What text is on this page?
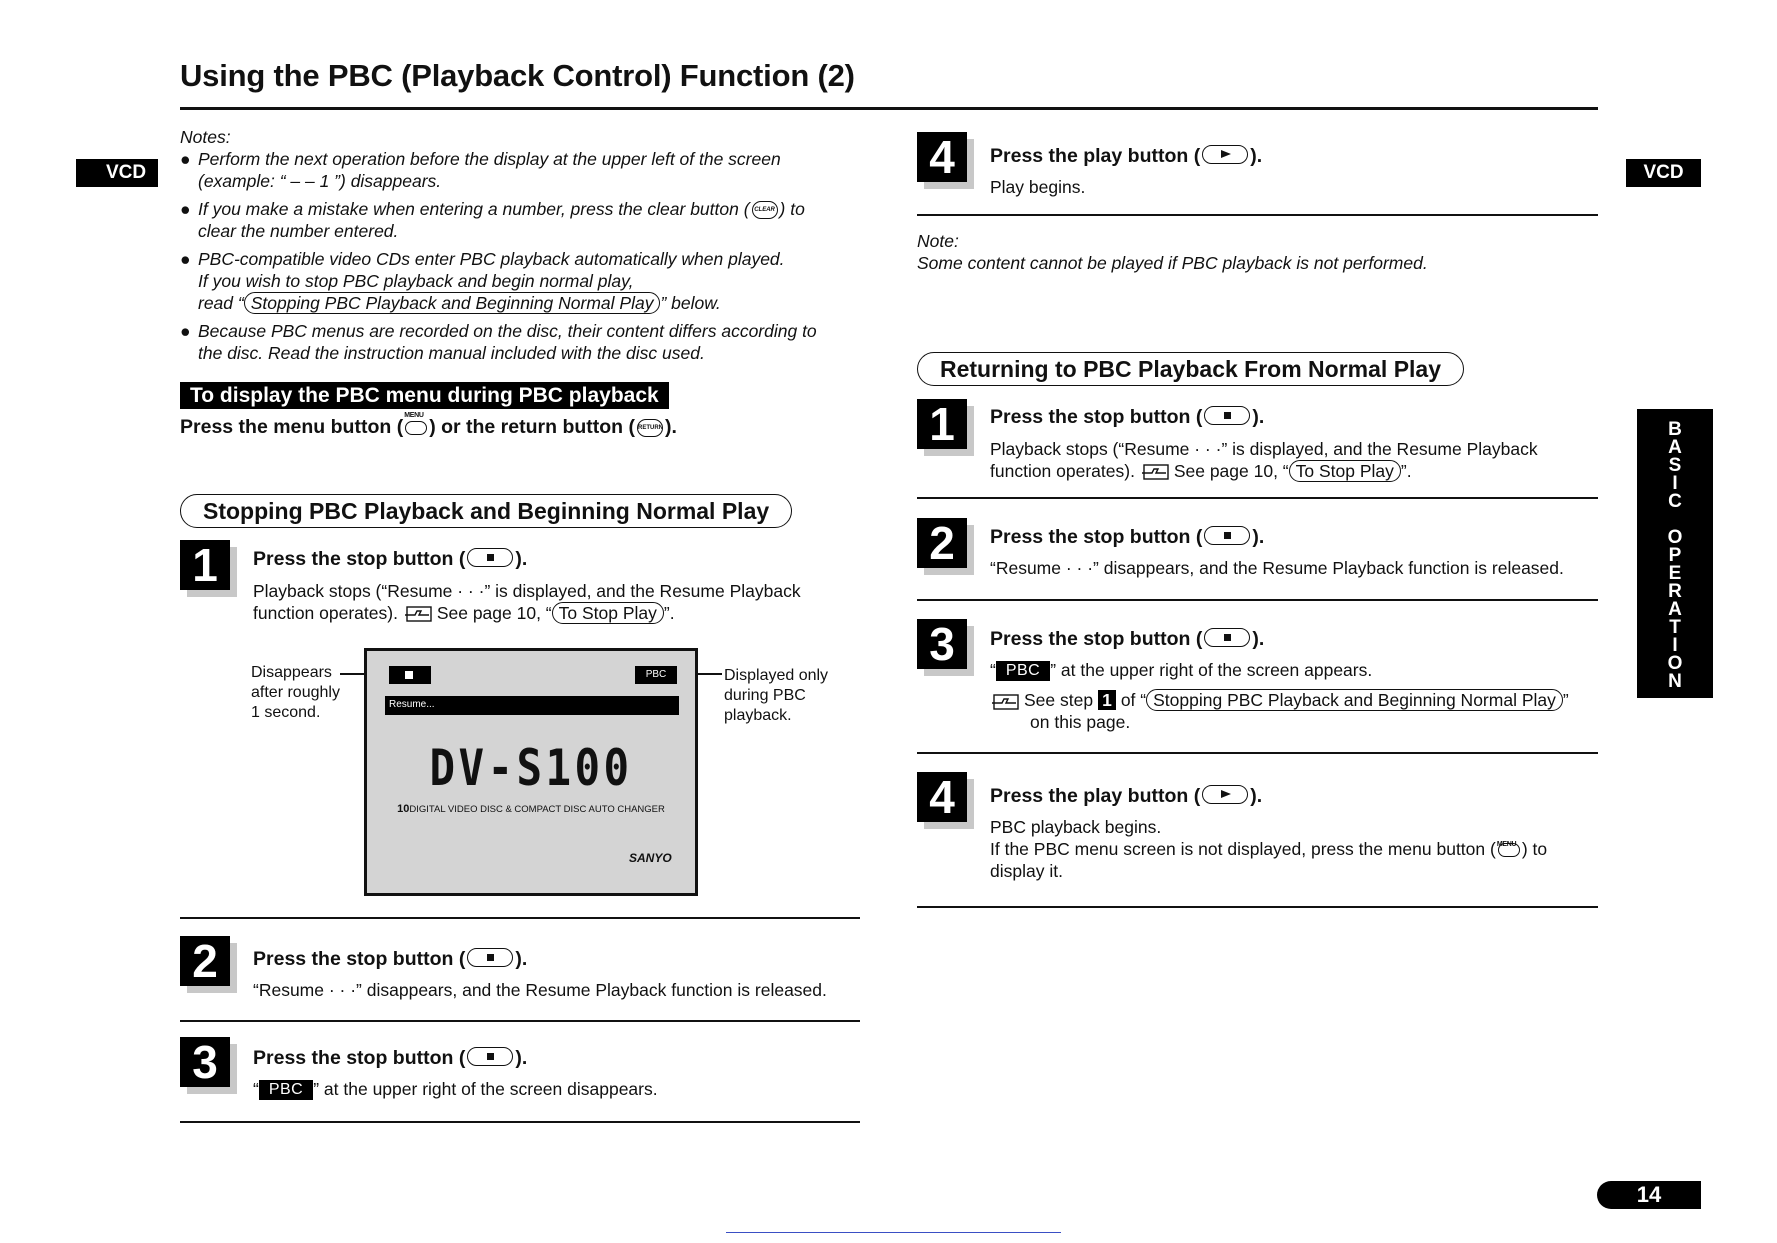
Using the PBC (Playback Control) Function (2)
) VCD	VCD
B
A
S
I
C
O
P
E
R
A
T
I
O
N
Notes:
● Perform the next operation before the display at the upper left of the screen
(example: “ – – 1 ”) disappears.
● If you make a mistake when entering a number, press the clear button ( CLEAR ) to
clear the number entered.
● PBC-compatible video CDs enter PBC playback automatically when played.
If you wish to stop PBC playback and begin normal play,
read “ Stopping PBC Playback and Beginning Normal Play ” below.
● Because PBC menus are recorded on the disc, their content differs according to
the disc. Read the instruction manual included with the disc used.
To display the PBC menu during PBC playback
Press the menu button (
MENU
) or the return button ( RETURN ).
Stopping PBC Playback and Beginning Normal Play
1	Press the stop button (	).
Playback stops (“Resume · · ·” is displayed, and the Resume Playback
function operates). See page 10, “ To Stop Play ”.
Disappears
after roughly
1 second.
Displayed only
during PBC
playback.
PBC
Resume...
DV-S100
10DIGITAL VIDEO DISC & COMPACT DISC AUTO CHANGER
SANYO
2	Press the stop button (	).
“Resume · · ·” disappears, and the Resume Playback function is released.
3	Press the stop button (	).
“ PBC ” at the upper right of the screen disappears.
4	Press the play button (	).
Play begins.
Note:
Some content cannot be played if PBC playback is not performed.
Returning to PBC Playback From Normal Play
1	Press the stop button (	).
Playback stops (“Resume · · ·” is displayed, and the Resume Playback
function operates). See page 10, “ To Stop Play ”.
2	Press the stop button (	).
“Resume · · ·” disappears, and the Resume Playback function is released.
3	Press the stop button (	).
“ PBC ” at the upper right of the screen appears.
See step 1 of “ Stopping PBC Playback and Beginning Normal Play ”
on this page.
4	Press the play button (	).
PBC playback begins.
If the PBC menu screen is not displayed, press the menu button ( MENU ) to
display it.
14
